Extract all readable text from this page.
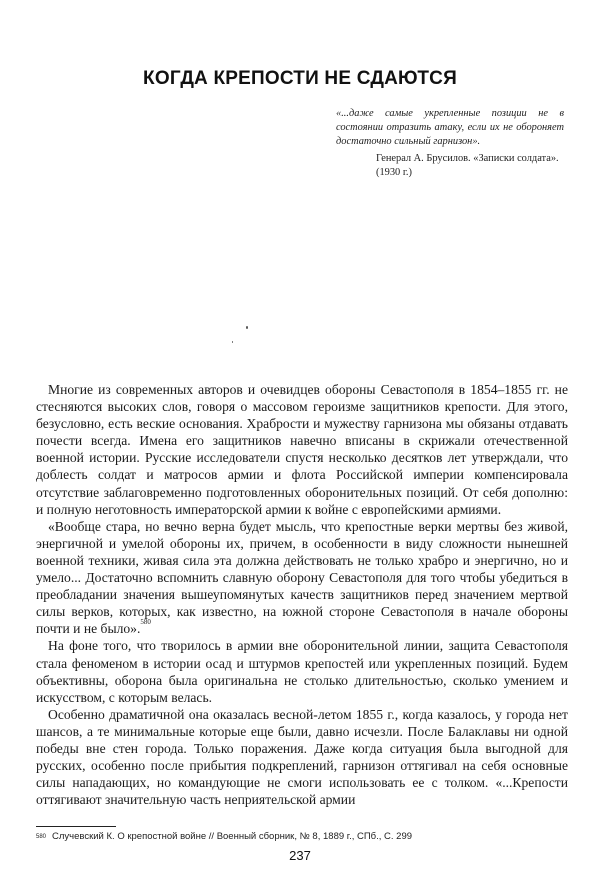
КОГДА КРЕПОСТИ НЕ СДАЮТСЯ
«...даже самые укрепленные позиции не в состоянии отразить атаку, если их не обороняет достаточно сильный гарнизон».
Генерал А. Брусилов. «Записки солдата».
(1930 г.)

Многие из современных авторов и очевидцев обороны Севастополя в 1854–1855 гг. не стесняются высоких слов, говоря о массовом героизме защитников крепости. Для этого, безусловно, есть веские основания. Храбрости и мужеству гарнизона мы обязаны отдавать почести всегда. Имена его защитников навечно вписаны в скрижали отечественной военной истории. Русские исследователи спустя несколько десятков лет утверждали, что доблесть солдат и матросов армии и флота Российской империи компенсировала отсутствие заблаговременно подготовленных оборонительных позиций. От себя дополню: и полную неготовность императорской армии к войне с европейскими армиями.

«Вообще стара, но вечно верна будет мысль, что крепостные верки мертвы без живой, энергичной и умелой обороны их, причем, в особенности в виду сложности нынешней военной техники, живая сила эта должна действовать не только храбро и энергично, но и умело... Достаточно вспомнить славную оборону Севастополя для того чтобы убедиться в преобладании значения вышеупомянутых качеств защитников перед значением мертвой силы верков, которых, как известно, на южной стороне Севастополя в начале обороны почти и не было».$^{580}$

На фоне того, что творилось в армии вне оборонительной линии, защита Севастополя стала феноменом в истории осад и штурмов крепостей или укрепленных позиций. Будем объективны, оборона была оригинальна не столько длительностью, сколько умением и искусством, с которым велась.

Особенно драматичной она оказалась весной-летом 1855 г., когда казалось, у города нет шансов, а те минимальные которые еще были, давно исчезли. После Балаклавы ни одной победы вне стен города. Только поражения. Даже когда ситуация была выгодной для русских, особенно после прибытия подкреплений, гарнизон оттягивал на себя основные силы нападающих, но командующие не смоги использовать ее с толком. «...Крепости оттягивают значительную часть неприятельской армии

$^{580}$ Случевский К. О крепостной войне // Военный сборник, № 8, 1889 г., СПб., С. 299
237
